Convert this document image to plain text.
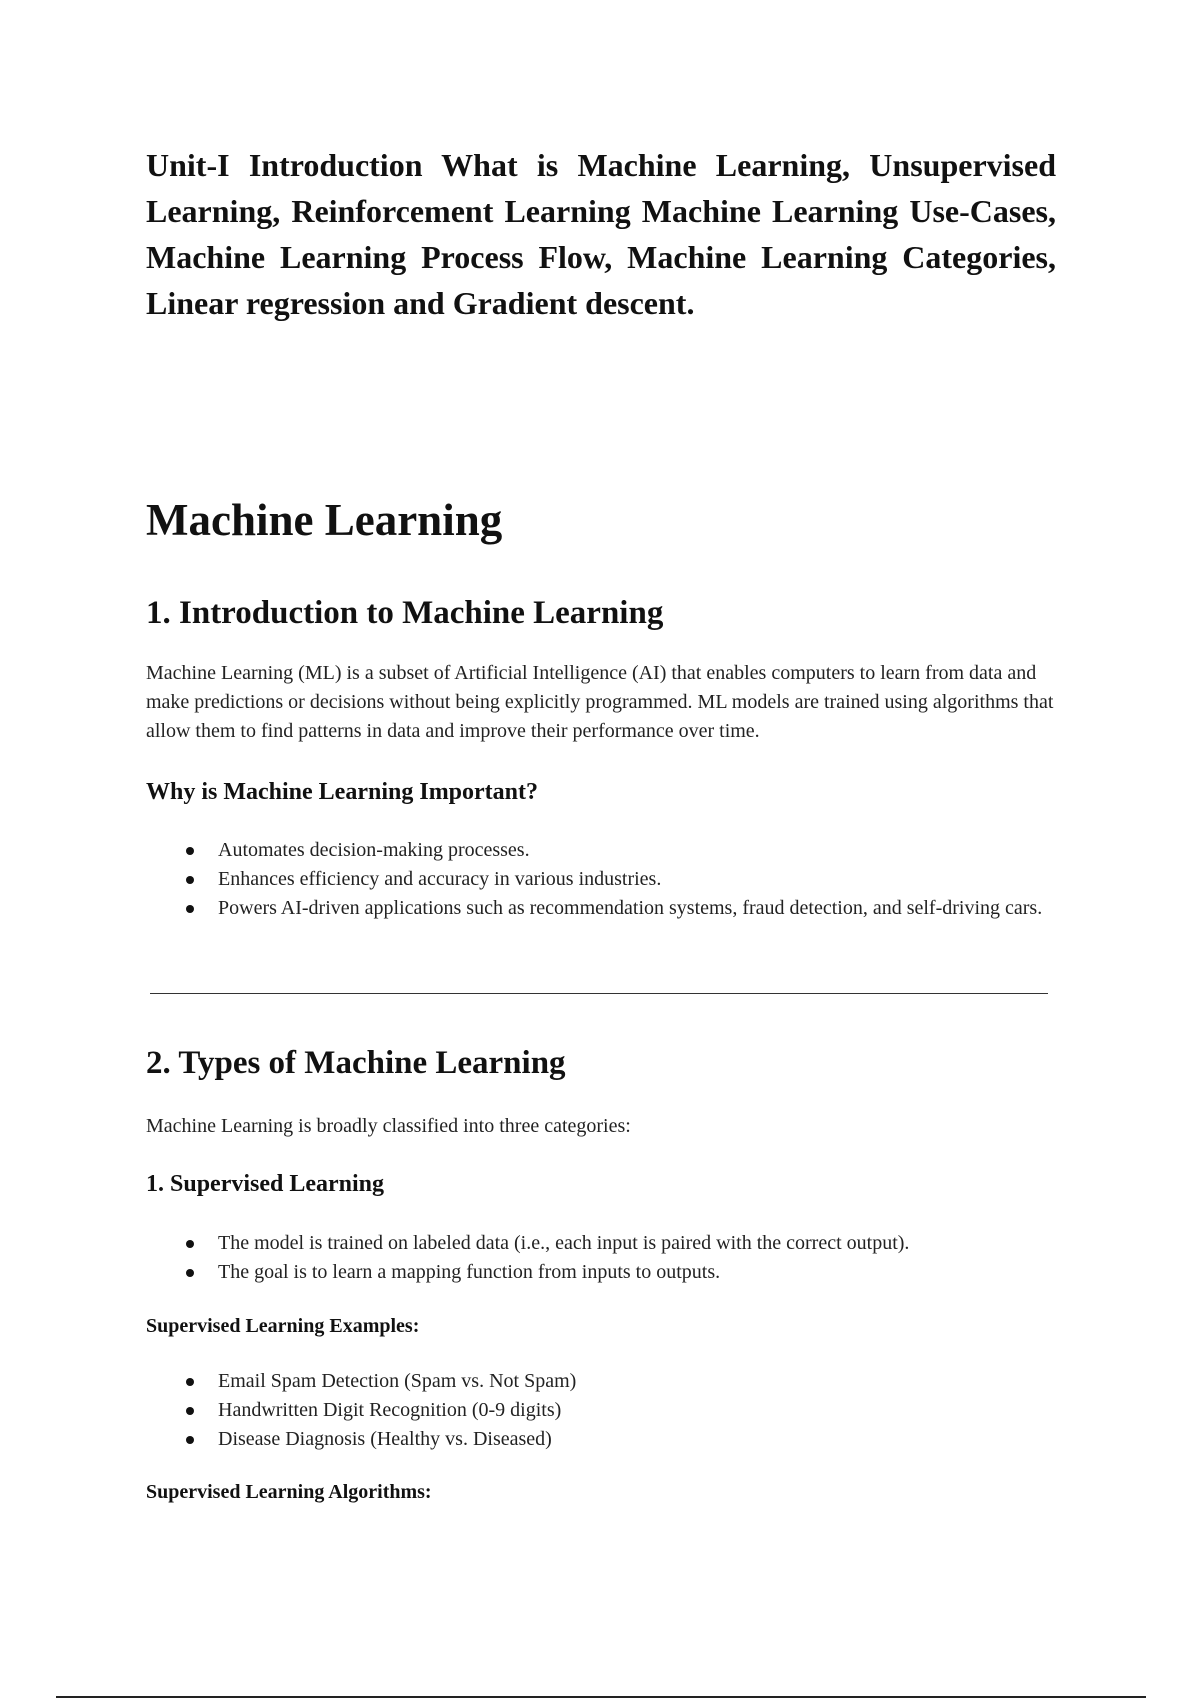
Unit-I Introduction What is Machine Learning, Unsupervised Learning, Reinforcement Learning Machine Learning Use-Cases, Machine Learning Process Flow, Machine Learning Categories, Linear regression and Gradient descent.

Machine Learning
1. Introduction to Machine Learning

Machine Learning (ML) is a subset of Artificial Intelligence (AI) that enables computers to learn from data and make predictions or decisions without being explicitly programmed. ML models are trained using algorithms that allow them to find patterns in data and improve their performance over time.

Why is Machine Learning Important?
Automates decision-making processes.
Enhances efficiency and accuracy in various industries.
Powers AI-driven applications such as recommendation systems, fraud detection, and self-driving cars.
2. Types of Machine Learning

Machine Learning is broadly classified into three categories:

1. Supervised Learning
The model is trained on labeled data (i.e., each input is paired with the correct output).
The goal is to learn a mapping function from inputs to outputs.
Supervised Learning Examples:
Email Spam Detection (Spam vs. Not Spam)
Handwritten Digit Recognition (0-9 digits)
Disease Diagnosis (Healthy vs. Diseased)
Supervised Learning Algorithms:
